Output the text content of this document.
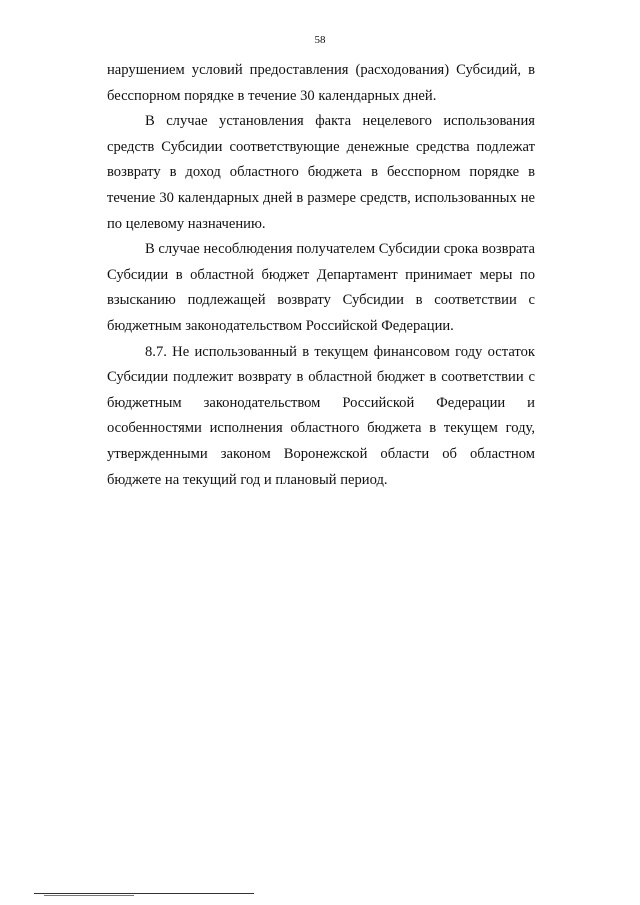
58

нарушением условий предоставления (расходования) Субсидий, в бесспорном порядке в течение 30 календарных дней.

В случае установления факта нецелевого использования средств Субсидии соответствующие денежные средства подлежат возврату в доход областного бюджета в бесспорном порядке в течение 30 календарных дней в размере средств, использованных не по целевому назначению.

В случае несоблюдения получателем Субсидии срока возврата Субсидии в областной бюджет Департамент принимает меры по взысканию подлежащей возврату Субсидии в соответствии с бюджетным законодательством Российской Федерации.

8.7. Не использованный в текущем финансовом году остаток Субсидии подлежит возврату в областной бюджет в соответствии с бюджетным законодательством Российской Федерации и особенностями исполнения областного бюджета в текущем году, утвержденными законом Воронежской области об областном бюджете на текущий год и плановый период.
